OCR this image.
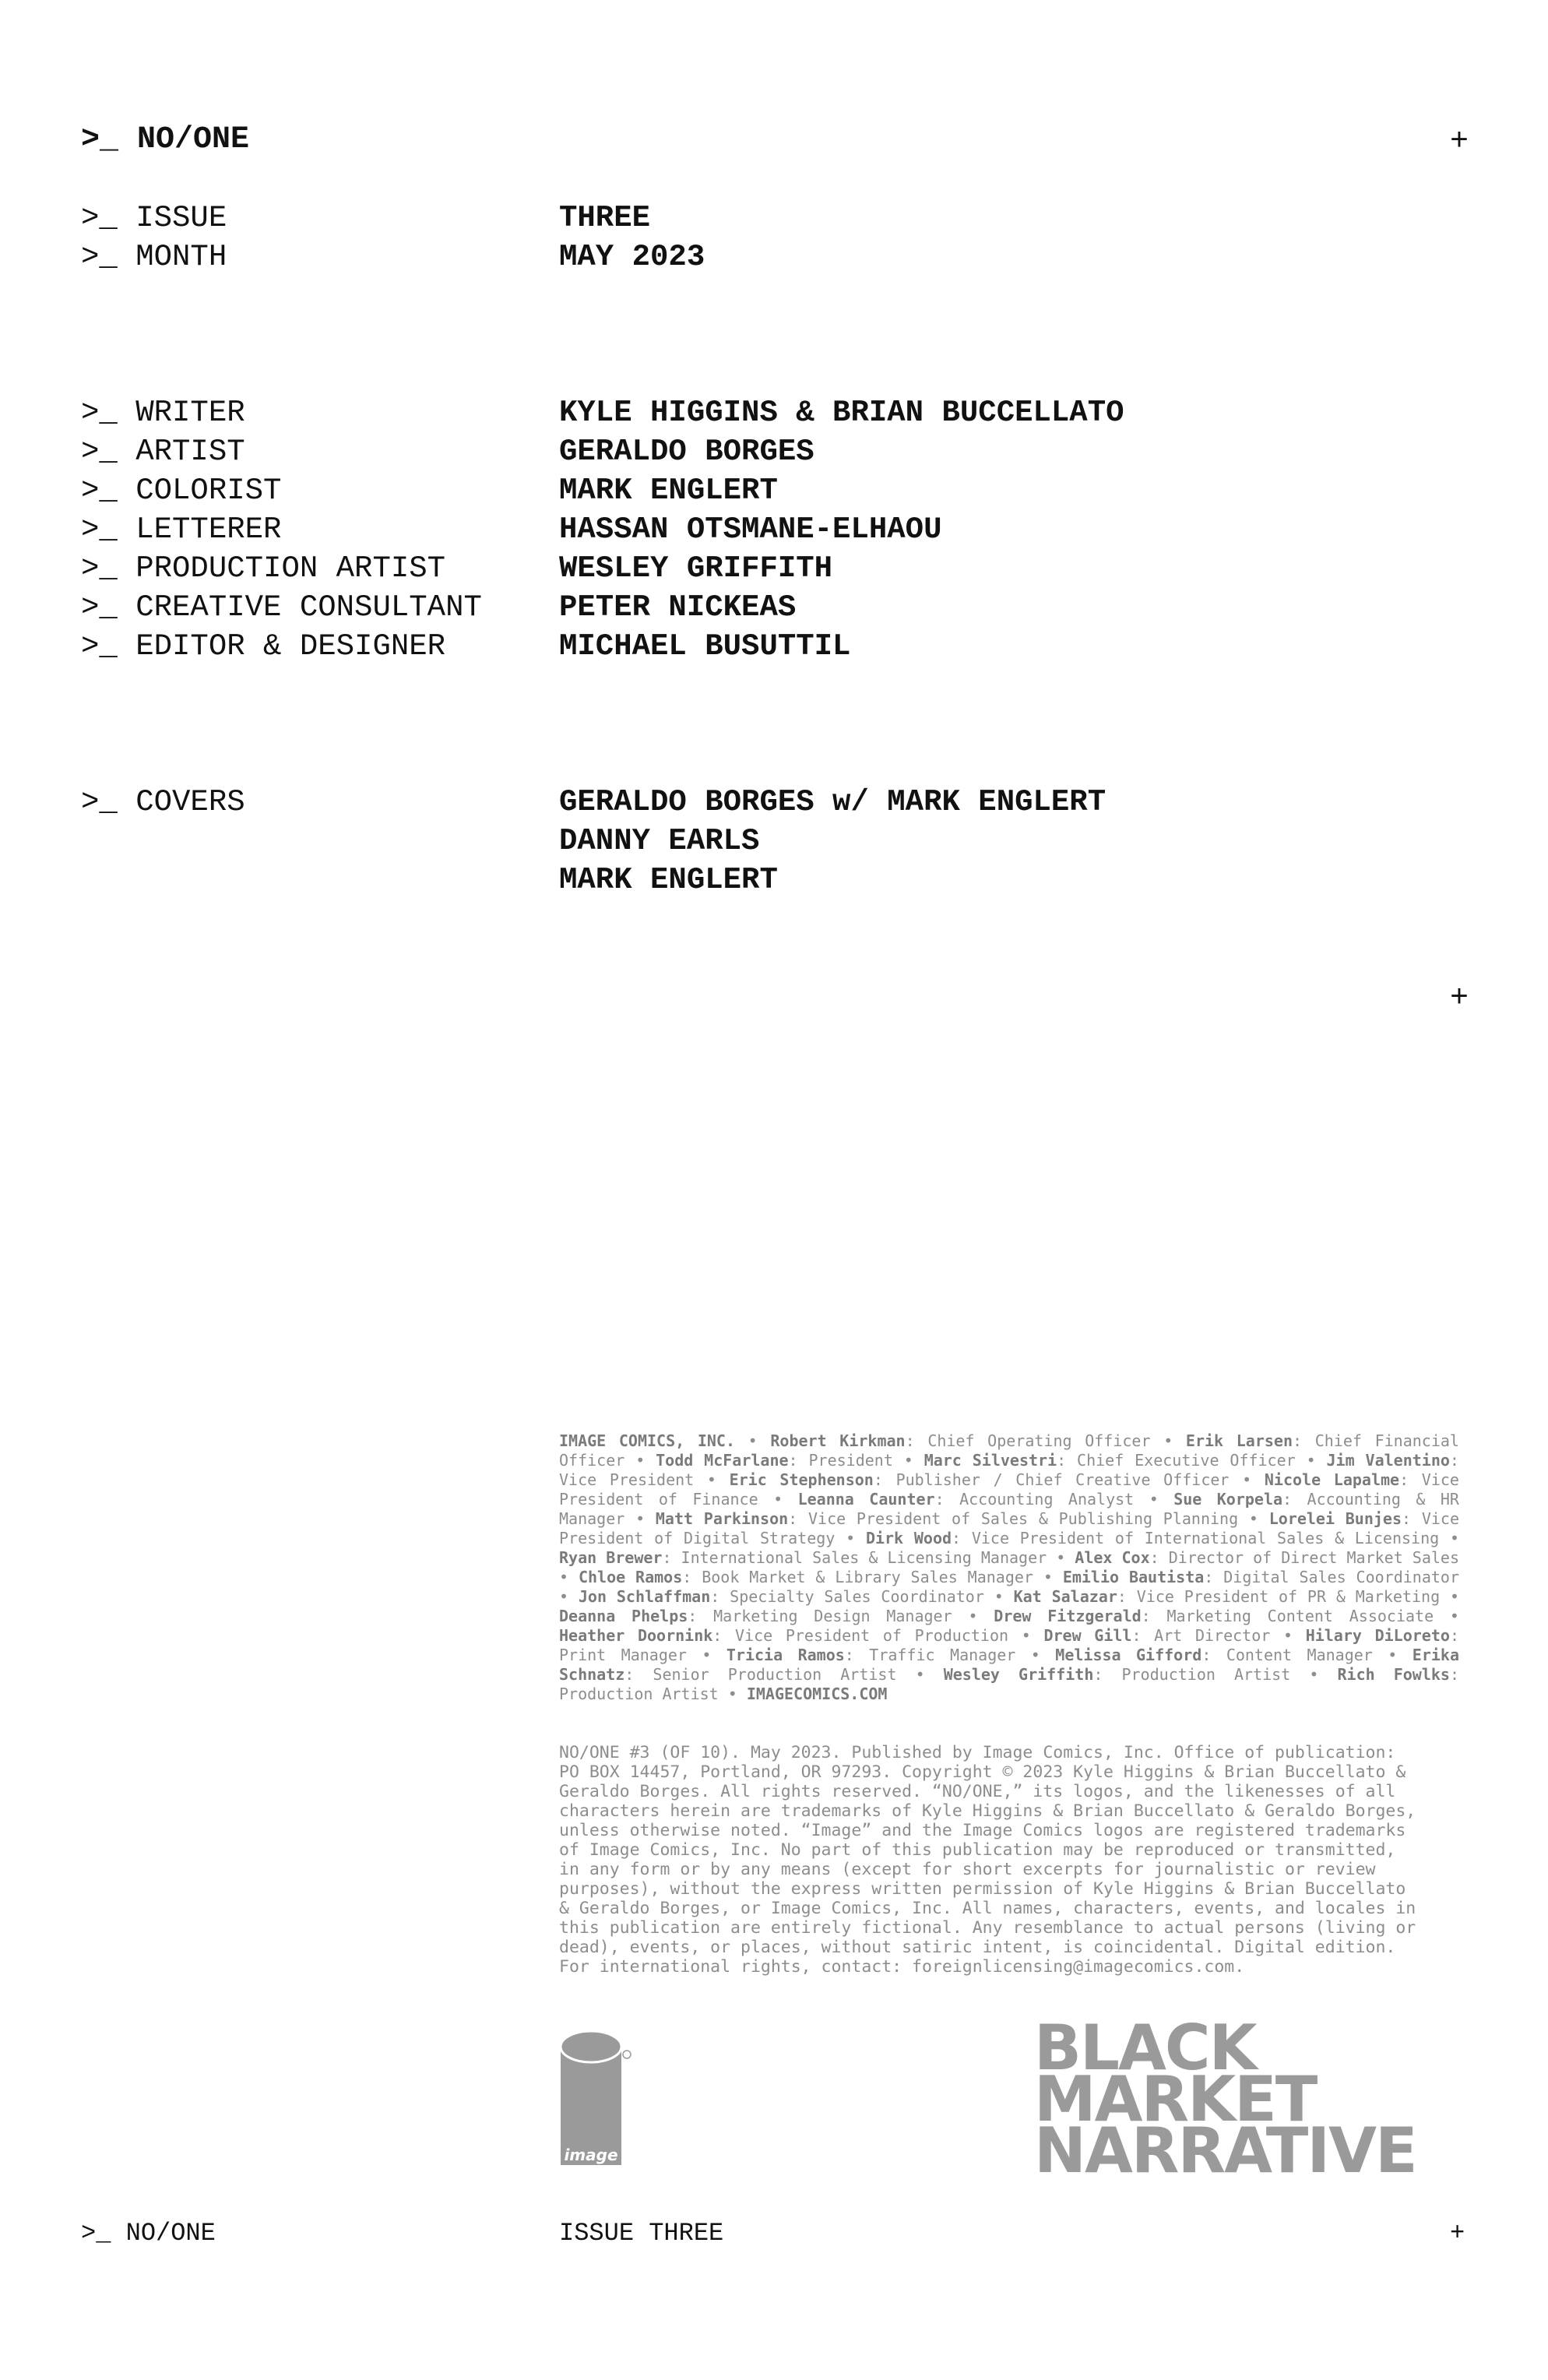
>_ NO/ONE	+
>_ ISSUE	THREE
>_ MONTH	MAY 2023
>_ WRITER	KYLE HIGGINS & BRIAN BUCCELLATO
>_ ARTIST	GERALDO BORGES
>_ COLORIST	MARK ENGLERT
>_ LETTERER	HASSAN OTSMANE-ELHAOU
>_ PRODUCTION ARTIST	WESLEY GRIFFITH
>_ CREATIVE CONSULTANT	PETER NICKEAS
>_ EDITOR & DESIGNER	MICHAEL BUSUTTIL
>_ COVERS	GERALDO BORGES w/ MARK ENGLERT
DANNY EARLS
MARK ENGLERT
+
IMAGE COMICS, INC. • Robert Kirkman: Chief Operating Officer • Erik Larsen: Chief Financial Officer • Todd McFarlane: President • Marc Silvestri: Chief Executive Officer • Jim Valentino: Vice President • Eric Stephenson: Publisher / Chief Creative Officer • Nicole Lapalme: Vice President of Finance • Leanna Caunter: Accounting Analyst • Sue Korpela: Accounting & HR Manager • Matt Parkinson: Vice President of Sales & Publishing Planning • Lorelei Bunjes: Vice President of Digital Strategy • Dirk Wood: Vice President of International Sales & Licensing • Ryan Brewer: International Sales & Licensing Manager • Alex Cox: Director of Direct Market Sales • Chloe Ramos: Book Market & Library Sales Manager • Emilio Bautista: Digital Sales Coordinator • Jon Schlaffman: Specialty Sales Coordinator • Kat Salazar: Vice President of PR & Marketing • Deanna Phelps: Marketing Design Manager • Drew Fitzgerald: Marketing Content Associate • Heather Doornink: Vice President of Production • Drew Gill: Art Director • Hilary DiLoreto: Print Manager • Tricia Ramos: Traffic Manager • Melissa Gifford: Content Manager • Erika Schnatz: Senior Production Artist • Wesley Griffith: Production Artist • Rich Fowlks: Production Artist • IMAGECOMICS.COM
NO/ONE #3 (OF 10). May 2023. Published by Image Comics, Inc. Office of publication:
PO BOX 14457, Portland, OR 97293. Copyright © 2023 Kyle Higgins & Brian Buccellato &
Geraldo Borges. All rights reserved. “NO/ONE,” its logos, and the likenesses of all
characters herein are trademarks of Kyle Higgins & Brian Buccellato & Geraldo Borges,
unless otherwise noted. “Image” and the Image Comics logos are registered trademarks
of Image Comics, Inc. No part of this publication may be reproduced or transmitted,
in any form or by any means (except for short excerpts for journalistic or review
purposes), without the express written permission of Kyle Higgins & Brian Buccellato
& Geraldo Borges, or Image Comics, Inc. All names, characters, events, and locales in
this publication are entirely fictional. Any resemblance to actual persons (living or
dead), events, or places, without satiric intent, is coincidental. Digital edition.
For international rights, contact: foreignlicensing@imagecomics.com.
image
BLACK
MARKET
NARRATIVE
>_ NO/ONE	ISSUE THREE	+
